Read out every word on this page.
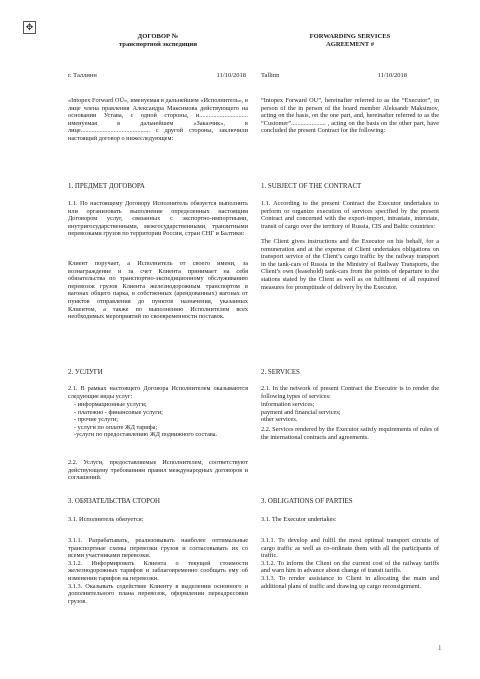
✥
ДОГОВОР №
транспортной экспедиции
г. Таллинн	11/10/2018
«Intopex Forward OÜ», именуемая в дальнейшем «Исполнитель», в лице члена правления Александра Максимова действующего на основании Устава, с одной стороны, и............................... именуемая в дальнейшем «Заказчик», в лице............................................ с другой стороны, заключили настоящий договор о нижеследующем:
1. ПРЕДМЕТ ДОГОВОРА
1.1. По настоящему Договору Исполнитель обязуется выполнить или организовать выполнение определенных настоящим Договором услуг, связанных с экспортно-импортными, внутригосударственными, межгосударственными, транзитными перевозками грузов по территории России, стран СНГ и Балтики:
Клиент поручает, а Исполнитель от своего имени, за вознаграждение и за счет Клиента принимает на себя обязательства по транспортно-экспедиционному обслуживанию перевозок грузов Клиента железнодорожным транспортом в вагонах общего парка, в собственных (арендованных) вагонах от пунктов отправления до пунктов назначения, указанных Клиентом, а также по выполнению Исполнителем всех необходимых мероприятий по своевременности поставок.
2. УСЛУГИ
2.1. В рамках настоящего Договора Исполнителем оказываются следующие виды услуг:
- информационные услуги;
- платежно - финансовые услуги;
- прочие услуги;
- услуги по оплате ЖД тарифа;
-услуги по предоставлению ЖД подвижного состава.
2.2. Услуги, предоставляемые Исполнителем, соответствуют действующему требованиям правил международных договоров и соглашений.
3. ОБЯЗАТЕЛЬСТВА СТОРОН
3.1. Исполнитель обязуется:
3.1.1. Разрабатывать, реализовывать наиболее оптимальные транспортные схемы перевозки грузов и согласовывать их со всеми участниками перевозки.
3.1.2. Информировать Клиента о текущей стоимости железнодорожных тарифов и заблаговременно сообщать ему об изменении тарифов на перевозки.
3.1.3. Оказывать содействие Клиенту в выделении основного и дополнительного плана перевозок, оформлении переадресовки грузов.
FORWARDING SERVICES
AGREEMENT #
Tallinn	11/10/2018
“Intopex Forward OU”, hereinafter referred to as the “Executor”, in person of the in person of the board member Aleksandr Maksimov, acting on the basis, on the one part, and, hereinafter referred to as the “Customer”...................... , acting on the basis on the other part, have concluded the present Contract for the following:
1. SUBJECT OF THE CONTRACT
1.1. According to the present Contract the Executor undertakes to perform or organize execution of services specified by the present Contract and concerned with the export-import, intrastate, interstate, transit of cargo over the territory of Russia, CIS and Baltic countries:
The Client gives instructions and the Executor on his behalf, for a remuneration and at the expense of Client undertakes obligations on transport service of the Client’s cargo traffic by the railway transport in the tank-cars of Russia in the Ministry of Railway Transports, the Client’s own (leasehold) tank-cars from the points of departure to the stations stated by the Client as well as on fulfilment of all required measures for promptitude of delivery by the Executor.
2. SERVICES
2.1. In the network of present Contract the Executor is to render the following types of services:
information services;
payment and financial services;
other services.
2.2. Services rendered by the Executor satisfy requirements of rules of the international contracts and agreements.
3. OBLIGATIONS OF PARTIES
3.1. The Executor undertakes:
3.1.1. To develop and fulfil the most optimal transport circuits of cargo traffic as well as co-ordinate them with all the participants of traffic.
3.1.2. To inform the Client on the current cost of the railway tariffs and warn him in advance about change of transit tariffs.
3.1.3. To render assistance to Client in allocating the main and additional plans of traffic and drawing up cargo reconsignment.
1
